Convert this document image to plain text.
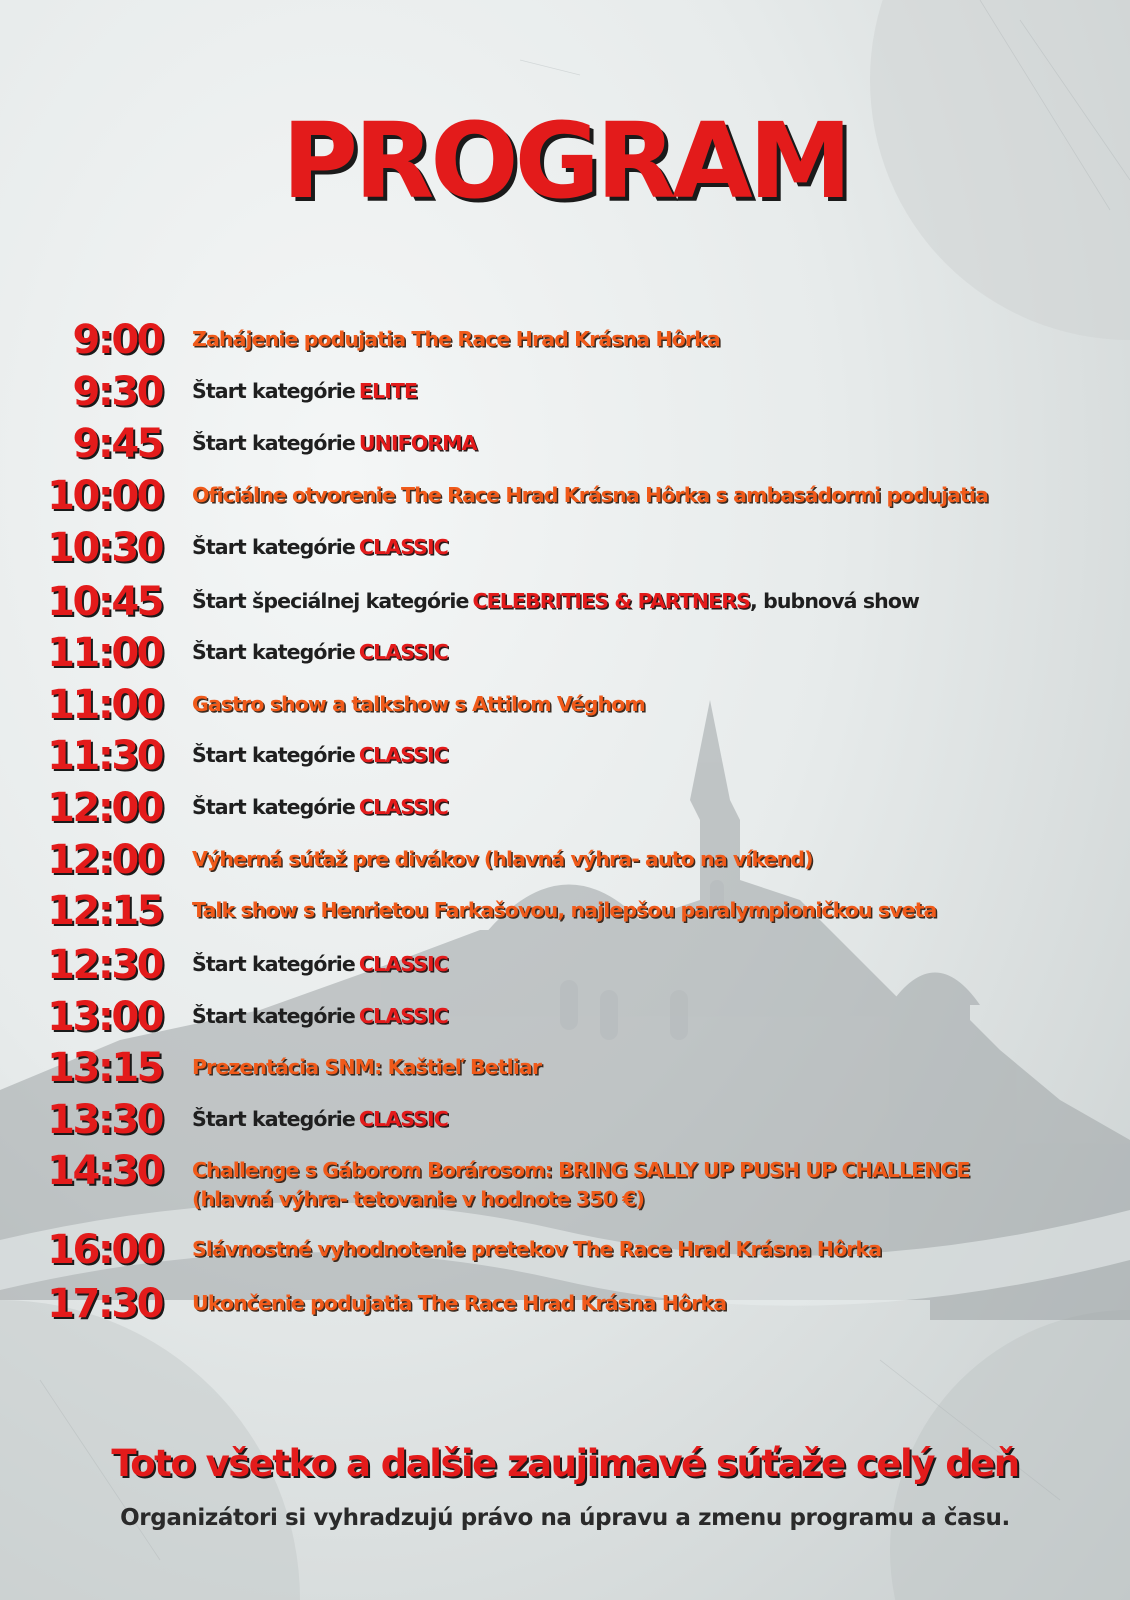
PROGRAM
9:00 Zahájenie podujatia The Race Hrad Krásna Hôrka
9:30 Štart kategórie ELITE
9:45 Štart kategórie UNIFORMA
10:00 Oficiálne otvorenie The Race Hrad Krásna Hôrka s ambasádormi podujatia
10:30 Štart kategórie CLASSIC
10:45 Štart špeciálnej kategórie CELEBRITIES & PARTNERS, bubnová show
11:00 Štart kategórie CLASSIC
11:00 Gastro show a talkshow s Attilom Véghom
11:30 Štart kategórie CLASSIC
12:00 Štart kategórie CLASSIC
12:00 Výherná súťaž pre divákov (hlavná výhra- auto na víkend)
12:15 Talk show s Henrietou Farkašovou, najlepšou paralympioničkou sveta
12:30 Štart kategórie CLASSIC
13:00 Štart kategórie CLASSIC
13:15 Prezentácia SNM: Kaštieľ Betliar
13:30 Štart kategórie CLASSIC
14:30 Challenge s Gáborom Borárosom: BRING SALLY UP PUSH UP CHALLENGE
(hlavná výhra- tetovanie v hodnote 350 €)
16:00 Slávnostné vyhodnotenie pretekov The Race Hrad Krásna Hôrka
17:30 Ukončenie podujatia The Race Hrad Krásna Hôrka
Toto všetko a dalšie zaujimavé súťaže celý deň
Organizátori si vyhradzujú právo na úpravu a zmenu programu a času.
